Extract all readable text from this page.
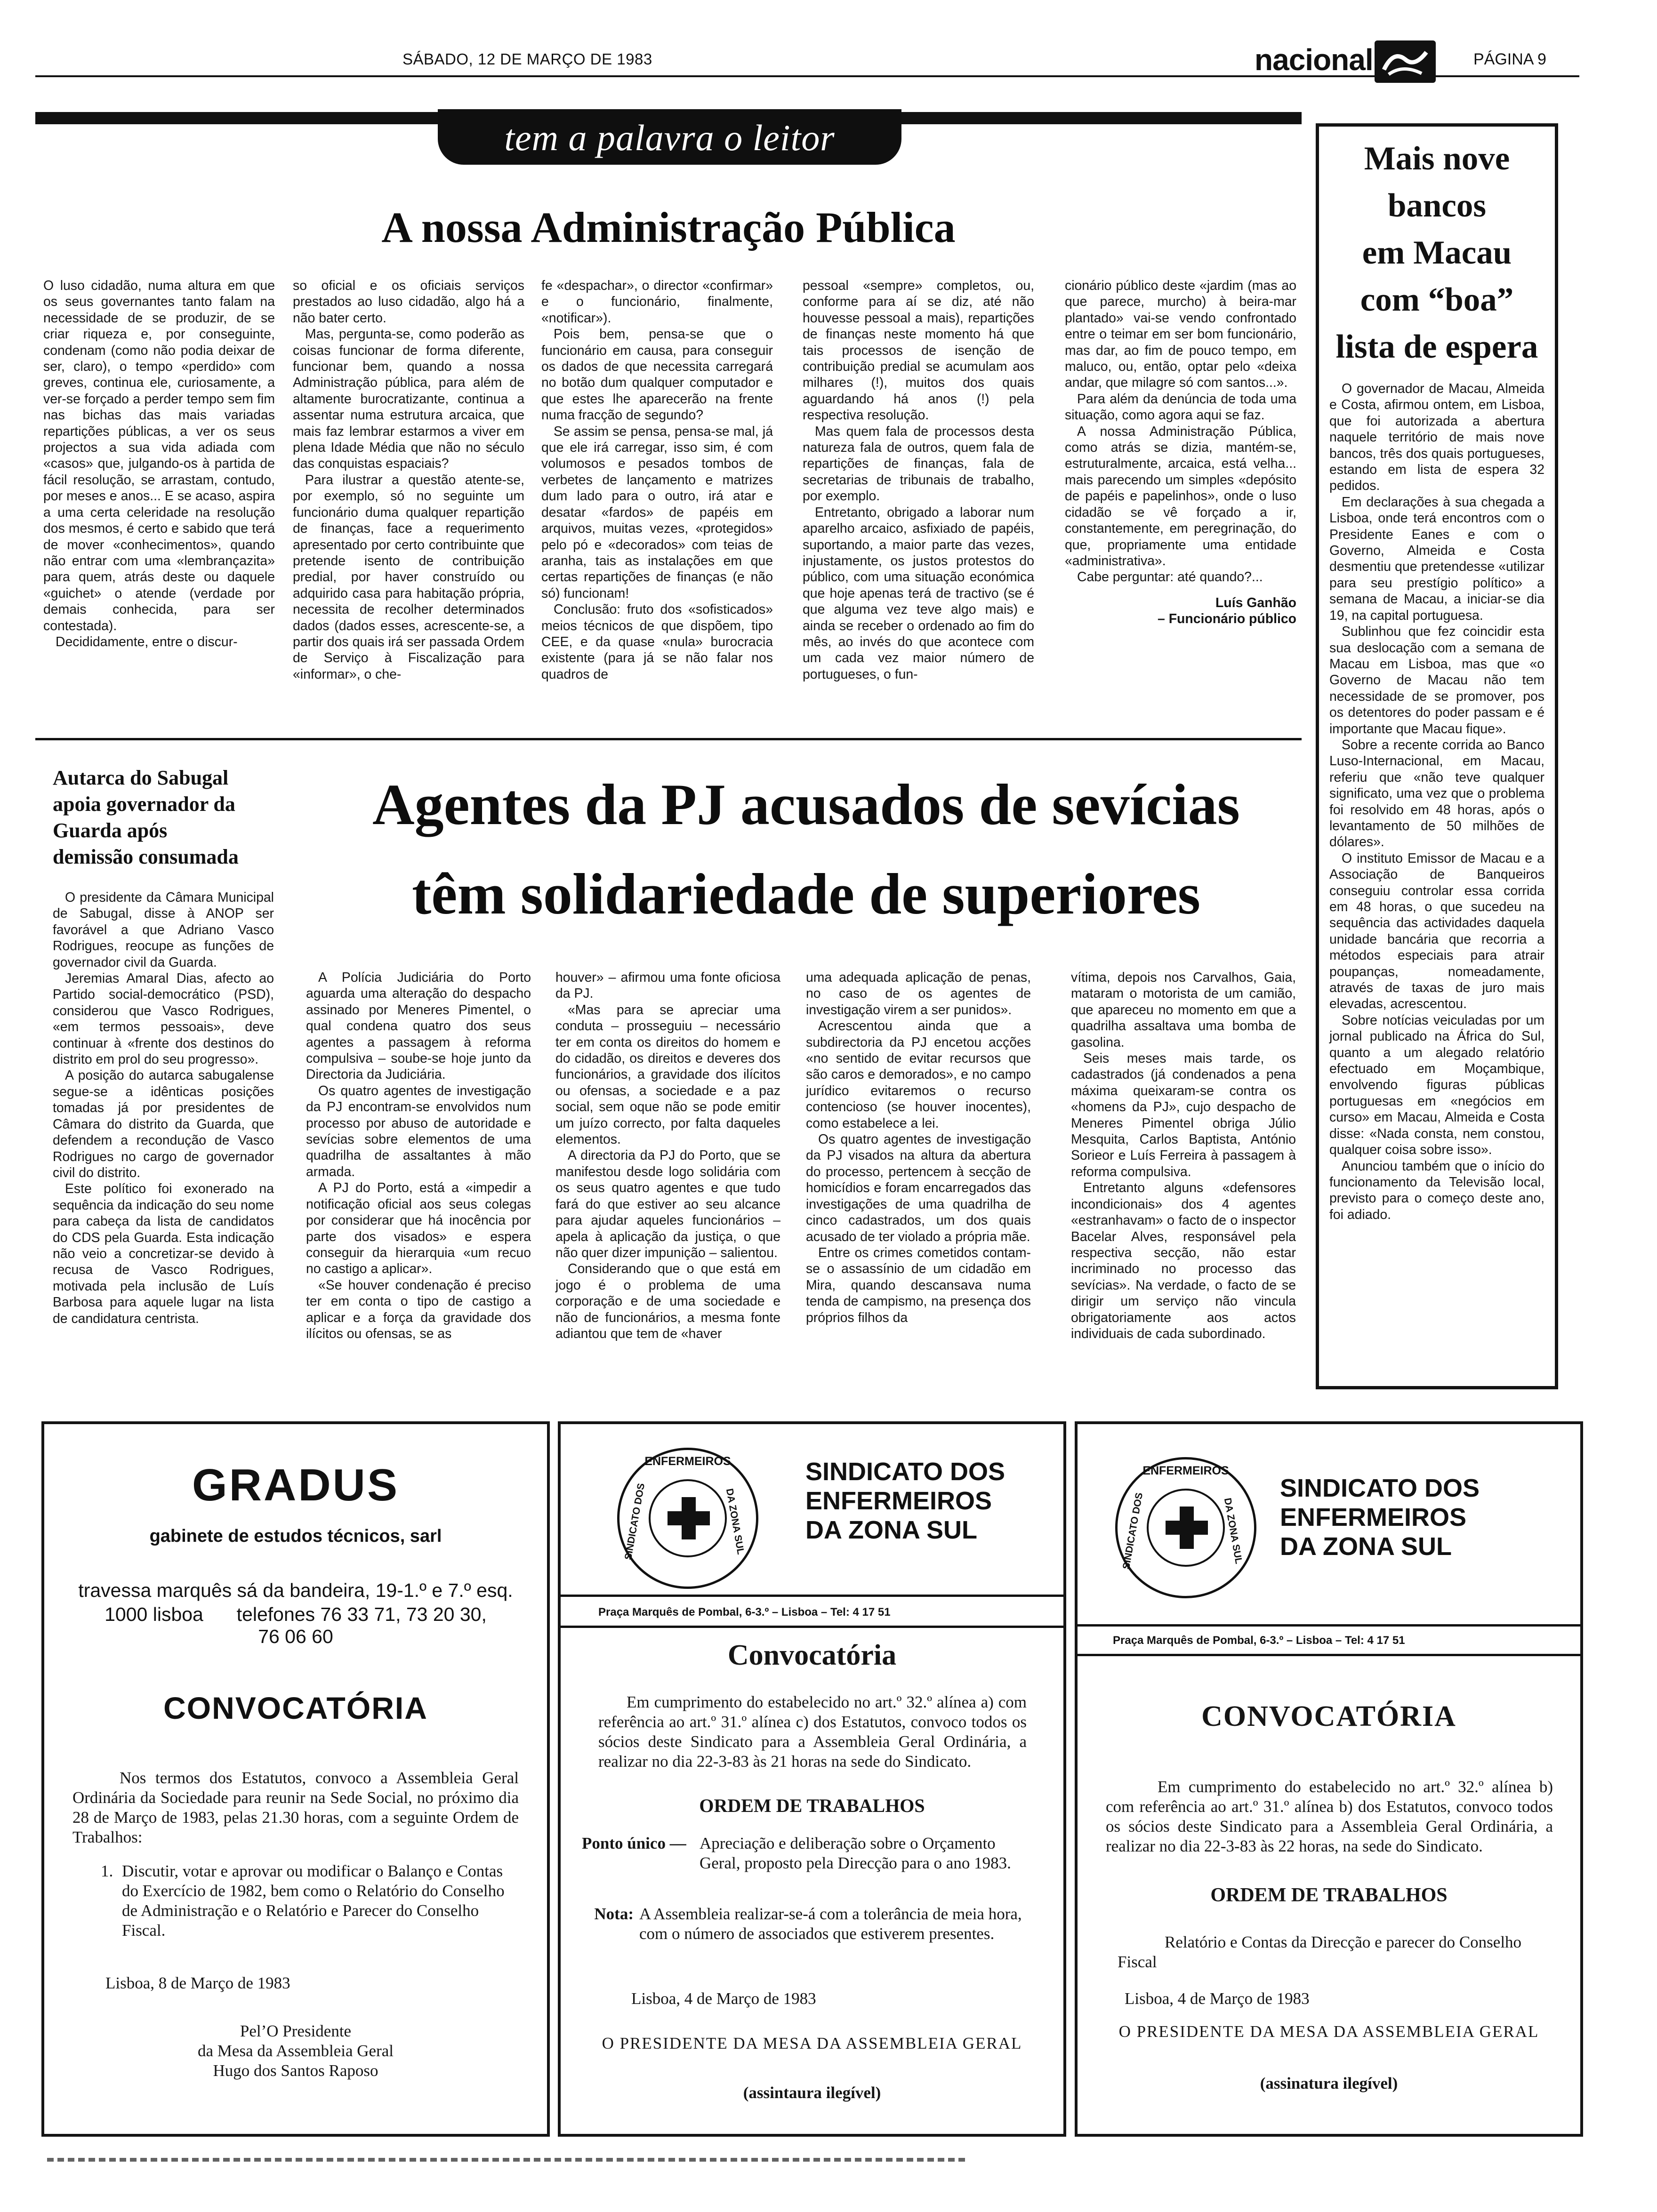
SÁBADO, 12 DE MARÇO DE 1983	nacional	PÁGINA 9
tem a palavra o leitor
A nossa Administração Pública

O luso cidadão, numa altura em que os seus governantes tanto falam na necessidade de se produzir, de se criar riqueza e, por conseguinte, condenam (como não podia deixar de ser, claro), o tempo «perdido» com greves, continua ele, curiosamente, a ver-se forçado a perder tempo sem fim nas bichas das mais variadas repartições públicas, a ver os seus projectos a sua vida adiada com «casos» que, julgando-os à partida de fácil resolução, se arrastam, contudo, por meses e anos... E se acaso, aspira a uma certa celeridade na resolução dos mesmos, é certo e sabido que terá de mover «conhecimentos», quando não entrar com uma «lembrançazita» para quem, atrás deste ou daquele «guichet» o atende (verdade por demais conhecida, para ser contestada).

Decididamente, entre o discur-

so oficial e os oficiais serviços prestados ao luso cidadão, algo há a não bater certo.

Mas, pergunta-se, como poderão as coisas funcionar de forma diferente, funcionar bem, quando a nossa Administração pública, para além de altamente burocratizante, continua a assentar numa estrutura arcaica, que mais faz lembrar estarmos a viver em plena Idade Média que não no século das conquistas espaciais?

Para ilustrar a questão atente-se, por exemplo, só no seguinte um funcionário duma qualquer repartição de finanças, face a requerimento apresentado por certo contribuinte que pretende isento de contribuição predial, por haver construído ou adquirido casa para habitação própria, necessita de recolher determinados dados (dados esses, acrescente-se, a partir dos quais irá ser passada Ordem de Serviço à Fiscalização para «informar», o che-

fe «despachar», o director «confirmar» e o funcionário, finalmente, «notificar»).

Pois bem, pensa-se que o funcionário em causa, para conseguir os dados de que necessita carregará no botão dum qualquer computador e que estes lhe aparecerão na frente numa fracção de segundo?

Se assim se pensa, pensa-se mal, já que ele irá carregar, isso sim, é com volumosos e pesados tombos de verbetes de lançamento e matrizes dum lado para o outro, irá atar e desatar «fardos» de papéis em arquivos, muitas vezes, «protegidos» pelo pó e «decorados» com teias de aranha, tais as instalações em que certas repartições de finanças (e não só) funcionam!

Conclusão: fruto dos «sofisticados» meios técnicos de que dispõem, tipo CEE, e da quase «nula» burocracia existente (para já se não falar nos quadros de

pessoal «sempre» completos, ou, conforme para aí se diz, até não houvesse pessoal a mais), repartições de finanças neste momento há que tais processos de isenção de contribuição predial se acumulam aos milhares (!), muitos dos quais aguardando há anos (!) pela respectiva resolução.

Mas quem fala de processos desta natureza fala de outros, quem fala de repartições de finanças, fala de secretarias de tribunais de trabalho, por exemplo.

Entretanto, obrigado a laborar num aparelho arcaico, asfixiado de papéis, suportando, a maior parte das vezes, injustamente, os justos protestos do público, com uma situação económica que hoje apenas terá de tractivo (se é que alguma vez teve algo mais) e ainda se receber o ordenado ao fim do mês, ao invés do que acontece com um cada vez maior número de portugueses, o fun-

cionário público deste «jardim (mas ao que parece, murcho) à beira-mar plantado» vai-se vendo confrontado entre o teimar em ser bom funcionário, mas dar, ao fim de pouco tempo, em maluco, ou, então, optar pelo «deixa andar, que milagre só com santos...».

Para além da denúncia de toda uma situação, como agora aqui se faz.

A nossa Administração Pública, como atrás se dizia, mantém-se, estruturalmente, arcaica, está velha... mais parecendo um simples «depósito de papéis e papelinhos», onde o luso cidadão se vê forçado a ir, constantemente, em peregrinação, do que, propriamente uma entidade «administrativa».

Cabe perguntar: até quando?...

Luís Ganhão
– Funcionário público
Mais nove
bancos
em Macau
com “boa”
lista de espera

O governador de Macau, Almeida e Costa, afirmou ontem, em Lisboa, que foi autorizada a abertura naquele território de mais nove bancos, três dos quais portugueses, estando em lista de espera 32 pedidos.

Em declarações à sua chegada a Lisboa, onde terá encontros com o Presidente Eanes e com o Governo, Almeida e Costa desmentiu que pretendesse «utilizar para seu prestígio político» a semana de Macau, a iniciar-se dia 19, na capital portuguesa.

Sublinhou que fez coincidir esta sua deslocação com a semana de Macau em Lisboa, mas que «o Governo de Macau não tem necessidade de se promover, pos os detentores do poder passam e é importante que Macau fique».

Sobre a recente corrida ao Banco Luso-Internacional, em Macau, referiu que «não teve qualquer significato, uma vez que o problema foi resolvido em 48 horas, após o levantamento de 50 milhões de dólares».

O instituto Emissor de Macau e a Associação de Banqueiros conseguiu controlar essa corrida em 48 horas, o que sucedeu na sequência das actividades daquela unidade bancária que recorria a métodos especiais para atrair poupanças, nomeadamente, através de taxas de juro mais elevadas, acrescentou.

Sobre notícias veiculadas por um jornal publicado na África do Sul, quanto a um alegado relatório efectuado em Moçambique, envolvendo figuras públicas portuguesas em «negócios em curso» em Macau, Almeida e Costa disse: «Nada consta, nem constou, qualquer coisa sobre isso».

Anunciou também que o início do funcionamento da Televisão local, previsto para o começo deste ano, foi adiado.

Autarca do Sabugal
apoia governador da
Guarda após
demissão consumada

O presidente da Câmara Municipal de Sabugal, disse à ANOP ser favorável a que Adriano Vasco Rodrigues, reocupe as funções de governador civil da Guarda.

Jeremias Amaral Dias, afecto ao Partido social-democrático (PSD), considerou que Vasco Rodrigues, «em termos pessoais», deve continuar à «frente dos destinos do distrito em prol do seu progresso».

A posição do autarca sabugalense segue-se a idênticas posições tomadas já por presidentes de Câmara do distrito da Guarda, que defendem a recondução de Vasco Rodrigues no cargo de governador civil do distrito.

Este político foi exonerado na sequência da indicação do seu nome para cabeça da lista de candidatos do CDS pela Guarda. Esta indicação não veio a concretizar-se devido à recusa de Vasco Rodrigues, motivada pela inclusão de Luís Barbosa para aquele lugar na lista de candidatura centrista.

Agentes da PJ acusados de sevícias
têm solidariedade de superiores

A Polícia Judiciária do Porto aguarda uma alteração do despacho assinado por Meneres Pimentel, o qual condena quatro dos seus agentes a passagem à reforma compulsiva – soube-se hoje junto da Directoria da Judiciária.

Os quatro agentes de investigação da PJ encontram-se envolvidos num processo por abuso de autoridade e sevícias sobre elementos de uma quadrilha de assaltantes à mão armada.

A PJ do Porto, está a «impedir a notificação oficial aos seus colegas por considerar que há inocência por parte dos visados» e espera conseguir da hierarquia «um recuo no castigo a aplicar».

«Se houver condenação é preciso ter em conta o tipo de castigo a aplicar e a força da gravidade dos ilícitos ou ofensas, se as

houver» – afirmou uma fonte oficiosa da PJ.

«Mas para se apreciar uma conduta – prosseguiu – necessário ter em conta os direitos do homem e do cidadão, os direitos e deveres dos funcionários, a gravidade dos ilícitos ou ofensas, a sociedade e a paz social, sem oque não se pode emitir um juízo correcto, por falta daqueles elementos.

A directoria da PJ do Porto, que se manifestou desde logo solidária com os seus quatro agentes e que tudo fará do que estiver ao seu alcance para ajudar aqueles funcionários – apela à aplicação da justiça, o que não quer dizer impunição – salientou.

Considerando que o que está em jogo é o problema de uma corporação e de uma sociedade e não de funcionários, a mesma fonte adiantou que tem de «haver

uma adequada aplicação de penas, no caso de os agentes de investigação virem a ser punidos».

Acrescentou ainda que a subdirectoria da PJ encetou acções «no sentido de evitar recursos que são caros e demorados», e no campo jurídico evitaremos o recurso contencioso (se houver inocentes), como estabelece a lei.

Os quatro agentes de investigação da PJ visados na altura da abertura do processo, pertencem à secção de homicídios e foram encarregados das investigações de uma quadrilha de cinco cadastrados, um dos quais acusado de ter violado a própria mãe.

Entre os crimes cometidos contam-se o assassínio de um cidadão em Mira, quando descansava numa tenda de campismo, na presença dos próprios filhos da

vítima, depois nos Carvalhos, Gaia, mataram o motorista de um camião, que apareceu no momento em que a quadrilha assaltava uma bomba de gasolina.

Seis meses mais tarde, os cadastrados (já condenados a pena máxima queixaram-se contra os «homens da PJ», cujo despacho de Meneres Pimentel obriga Júlio Mesquita, Carlos Baptista, António Sorieor e Luís Ferreira à passagem à reforma compulsiva.

Entretanto alguns «defensores incondicionais» dos 4 agentes «estranhavam» o facto de o inspector Bacelar Alves, responsável pela respectiva secção, não estar incriminado no processo das sevícias». Na verdade, o facto de se dirigir um serviço não vincula obrigatoriamente aos actos individuais de cada subordinado.

GRADUS
gabinete de estudos técnicos, sarl
travessa marquês sá da bandeira, 19-1.º e 7.º esq.
1000 lisboa telefones 76 33 71, 73 20 30,
76 06 60
CONVOCATÓRIA
Nos termos dos Estatutos, convoco a Assembleia Geral Ordinária da Sociedade para reunir na Sede Social, no próximo dia 28 de Março de 1983, pelas 21.30 horas, com a seguinte Ordem de Trabalhos:
1. Discutir, votar e aprovar ou modificar o Balanço e Contas do Exercício de 1982, bem como o Relatório do Conselho de Administração e o Relatório e Parecer do Conselho Fiscal.
Lisboa, 8 de Março de 1983
Pel’O Presidente
da Mesa da Assembleia Geral
Hugo dos Santos Raposo
ENFERMEIROS
SINDICATO DOS	DA ZONA SUL
SINDICATO DOS
ENFERMEIROS
DA ZONA SUL
Praça Marquês de Pombal, 6-3.º – Lisboa – Tel: 4 17 51
Convocatória
Em cumprimento do estabelecido no art.º 32.º alínea a) com referência ao art.º 31.º alínea c) dos Estatutos, convoco todos os sócios deste Sindicato para a Assembleia Geral Ordinária, a realizar no dia 22-3-83 às 21 horas na sede do Sindicato.
ORDEM DE TRABALHOS
Ponto único — Apreciação e deliberação sobre o Orçamento Geral, proposto pela Direcção para o ano 1983.
Nota: A Assembleia realizar-se-á com a tolerância de meia hora, com o número de associados que estiverem presentes.
Lisboa, 4 de Março de 1983
O PRESIDENTE DA MESA DA ASSEMBLEIA GERAL
(assintaura ilegível)
ENFERMEIROS
SINDICATO DOS	DA ZONA SUL
SINDICATO DOS
ENFERMEIROS
DA ZONA SUL
Praça Marquês de Pombal, 6-3.º – Lisboa – Tel: 4 17 51
CONVOCATÓRIA
Em cumprimento do estabelecido no art.º 32.º alínea b) com referência ao art.º 31.º alínea b) dos Estatutos, convoco todos os sócios deste Sindicato para a Assembleia Geral Ordinária, a realizar no dia 22-3-83 às 22 horas, na sede do Sindicato.
ORDEM DE TRABALHOS
Relatório e Contas da Direcção e parecer do Conselho Fiscal
Lisboa, 4 de Março de 1983
O PRESIDENTE DA MESA DA ASSEMBLEIA GERAL
(assinatura ilegível)
